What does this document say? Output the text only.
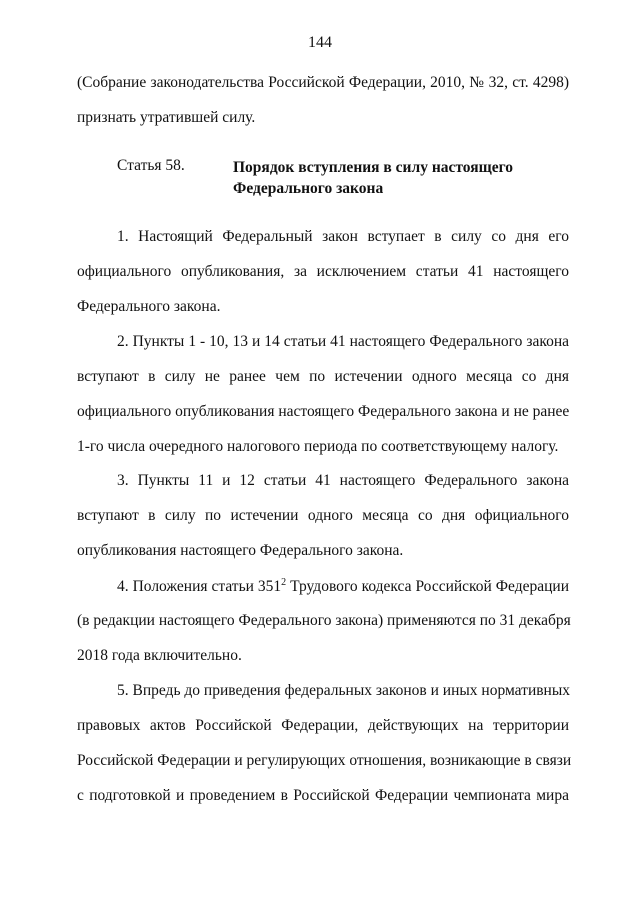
144
(Собрание законодательства Российской Федерации, 2010, № 32, ст. 4298)
признать утратившей силу.
Статья 58.	Порядок вступления в силу настоящего
Федерального закона
1. Настоящий Федеральный закон вступает в силу со дня его
официального опубликования, за исключением статьи 41 настоящего
Федерального закона.
2. Пункты 1 - 10, 13 и 14 статьи 41 настоящего Федерального закона
вступают в силу не ранее чем по истечении одного месяца со дня
официального опубликования настоящего Федерального закона и не ранее
1-го числа очередного налогового периода по соответствующему налогу.
3. Пункты 11 и 12 статьи 41 настоящего Федерального закона
вступают в силу по истечении одного месяца со дня официального
опубликования настоящего Федерального закона.
4. Положения статьи $351^2$ Трудового кодекса Российской Федерации
(в редакции настоящего Федерального закона) применяются по 31 декабря
2018 года включительно.
5. Впредь до приведения федеральных законов и иных нормативных
правовых актов Российской Федерации, действующих на территории
Российской Федерации и регулирующих отношения, возникающие в связи
с подготовкой и проведением в Российской Федерации чемпионата мира
